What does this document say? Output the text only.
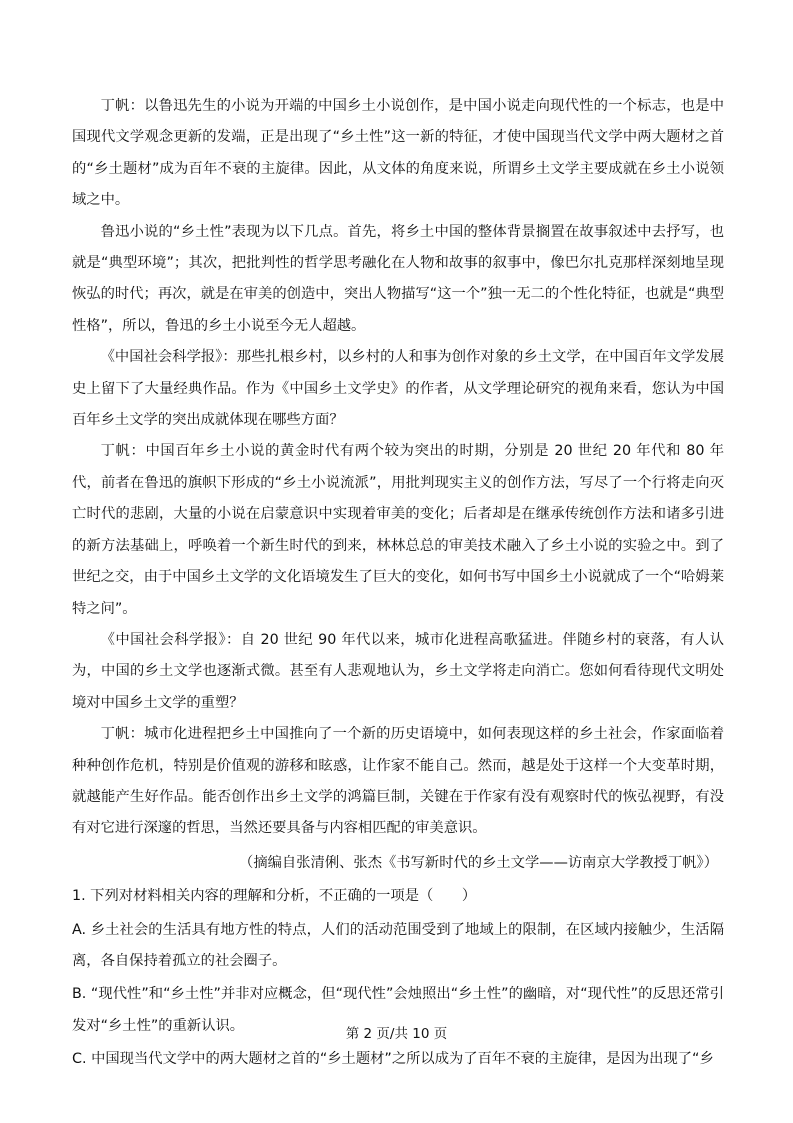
丁帆：以鲁迅先生的小说为开端的中国乡土小说创作，是中国小说走向现代性的一个标志，也是中国现代文学观念更新的发端，正是出现了“乡土性”这一新的特征，才使中国现当代文学中两大题材之首的“乡土题材”成为百年不衰的主旋律。因此，从文体的角度来说，所谓乡土文学主要成就在乡土小说领域之中。

鲁迅小说的“乡土性”表现为以下几点。首先，将乡土中国的整体背景搁置在故事叙述中去抒写，也就是“典型环境”；其次，把批判性的哲学思考融化在人物和故事的叙事中，像巴尔扎克那样深刻地呈现恢弘的时代；再次，就是在审美的创造中，突出人物描写“这一个”独一无二的个性化特征，也就是“典型性格”，所以，鲁迅的乡土小说至今无人超越。

《中国社会科学报》：那些扎根乡村，以乡村的人和事为创作对象的乡土文学，在中国百年文学发展史上留下了大量经典作品。作为《中国乡土文学史》的作者，从文学理论研究的视角来看，您认为中国百年乡土文学的突出成就体现在哪些方面？

丁帆：中国百年乡土小说的黄金时代有两个较为突出的时期，分别是 20 世纪 20 年代和 80 年代，前者在鲁迅的旗帜下形成的“乡土小说流派”，用批判现实主义的创作方法，写尽了一个行将走向灭亡时代的悲剧，大量的小说在启蒙意识中实现着审美的变化；后者却是在继承传统创作方法和诸多引进的新方法基础上，呼唤着一个新生时代的到来，林林总总的审美技术融入了乡土小说的实验之中。到了世纪之交，由于中国乡土文学的文化语境发生了巨大的变化，如何书写中国乡土小说就成了一个“哈姆莱特之问”。

《中国社会科学报》：自 20 世纪 90 年代以来，城市化进程高歌猛进。伴随乡村的衰落，有人认为，中国的乡土文学也逐渐式微。甚至有人悲观地认为，乡土文学将走向消亡。您如何看待现代文明处境对中国乡土文学的重塑？

丁帆：城市化进程把乡土中国推向了一个新的历史语境中，如何表现这样的乡土社会，作家面临着种种创作危机，特别是价值观的游移和眩惑，让作家不能自己。然而，越是处于这样一个大变革时期，就越能产生好作品。能否创作出乡土文学的鸿篇巨制，关键在于作家有没有观察时代的恢弘视野，有没有对它进行深邃的哲思，当然还要具备与内容相匹配的审美意识。

（摘编自张清俐、张杰《书写新时代的乡土文学——访南京大学教授丁帆》）

1. 下列对材料相关内容的理解和分析，不正确的一项是（　　）

A. 乡土社会的生活具有地方性的特点，人们的活动范围受到了地域上的限制，在区域内接触少，生活隔离，各自保持着孤立的社会圈子。

B. “现代性”和“乡土性”并非对应概念，但“现代性”会烛照出“乡土性”的幽暗，对“现代性”的反思还常引发对“乡土性”的重新认识。

C. 中国现当代文学中的两大题材之首的“乡土题材”之所以成为了百年不衰的主旋律，是因为出现了“乡

第 2 页/共 10 页
